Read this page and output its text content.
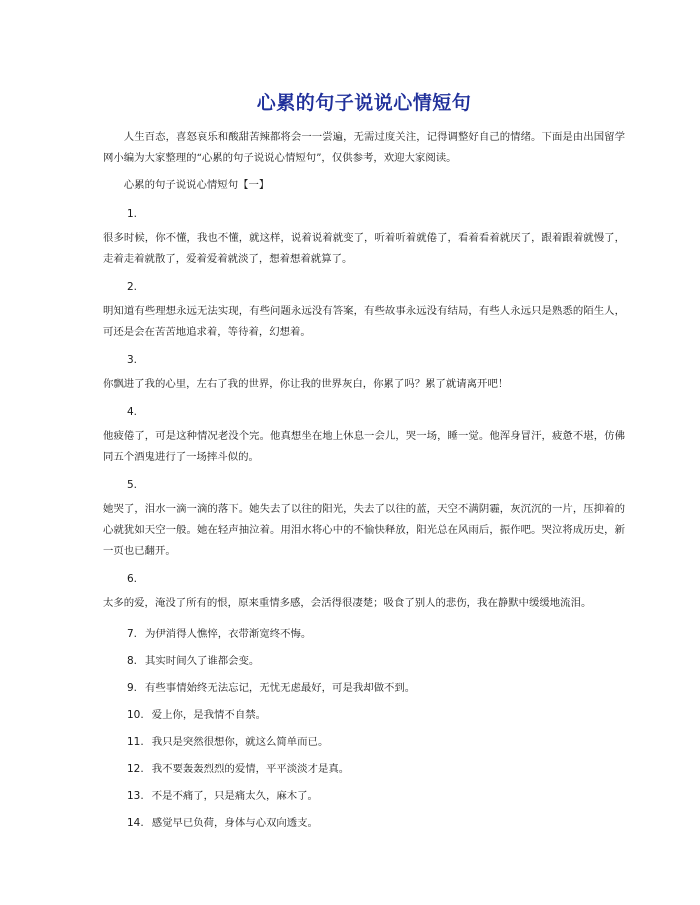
心累的句子说说心情短句

人生百态，喜怒哀乐和酸甜苦辣都将会一一尝遍，无需过度关注，记得调整好自己的情绪。下面是由出国留学网小编为大家整理的“心累的句子说说心情短句”，仅供参考，欢迎大家阅读。

心累的句子说说心情短句【一】

1.

很多时候，你不懂，我也不懂，就这样，说着说着就变了，听着听着就倦了，看着看着就厌了，跟着跟着就慢了，走着走着就散了，爱着爱着就淡了，想着想着就算了。

2.

明知道有些理想永远无法实现，有些问题永远没有答案，有些故事永远没有结局，有些人永远只是熟悉的陌生人，可还是会在苦苦地追求着，等待着，幻想着。

3.

你飘进了我的心里，左右了我的世界，你让我的世界灰白，你累了吗？累了就请离开吧！

4.

他疲倦了，可是这种情况老没个完。他真想坐在地上休息一会儿，哭一场，睡一觉。他浑身冒汗，疲惫不堪，仿佛同五个酒鬼进行了一场摔斗似的。

5.

她哭了，泪水一滴一滴的落下。她失去了以往的阳光，失去了以往的蓝，天空不满阴霾，灰沉沉的一片，压抑着的心就犹如天空一般。她在轻声抽泣着。用泪水将心中的不愉快释放，阳光总在风雨后，振作吧。哭泣将成历史，新一页也已翻开。

6.

太多的爱，淹没了所有的恨，原来重情多感，会活得很凄楚；吸食了别人的悲伤，我在静默中缓缓地流泪。

7. 为伊消得人憔悴，衣带渐宽终不悔。

8. 其实时间久了谁都会变。

9. 有些事情始终无法忘记，无忧无虑最好，可是我却做不到。

10. 爱上你，是我情不自禁。

11. 我只是突然很想你，就这么简单而已。

12. 我不要轰轰烈烈的爱情，平平淡淡才是真。

13. 不是不痛了，只是痛太久，麻木了。

14. 感觉早已负荷，身体与心双向透支。
